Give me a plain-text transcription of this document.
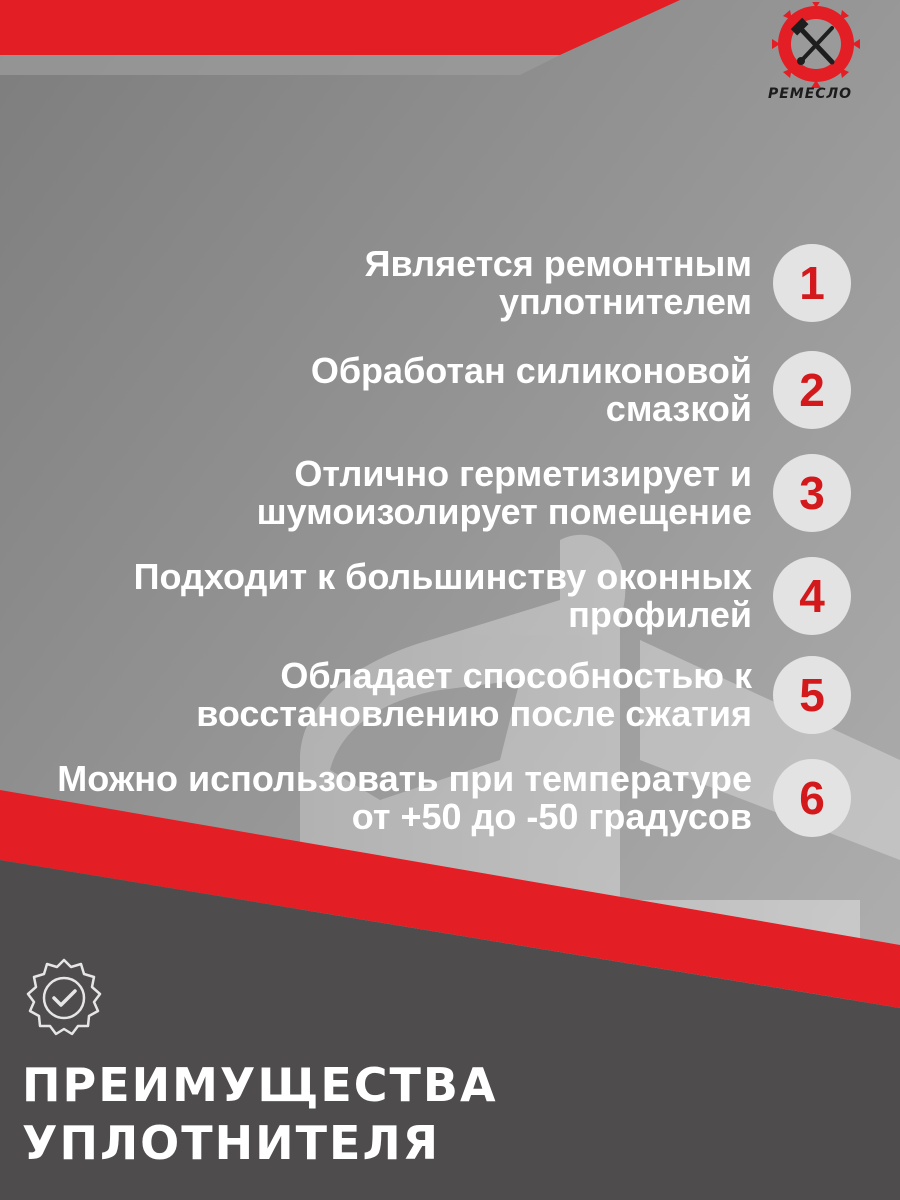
РЕМЕСЛО
Является ремонтным
уплотнителем 1
Обработан силиконовой
смазкой 2
Отлично герметизирует и
шумоизолирует помещение 3
Подходит к большинству оконных
профилей 4
Обладает способностью к
восстановлению после сжатия 5
Можно использовать при температуре
от +50 до -50 градусов 6
ПРЕИМУЩЕСТВА
УПЛОТНИТЕЛЯ
